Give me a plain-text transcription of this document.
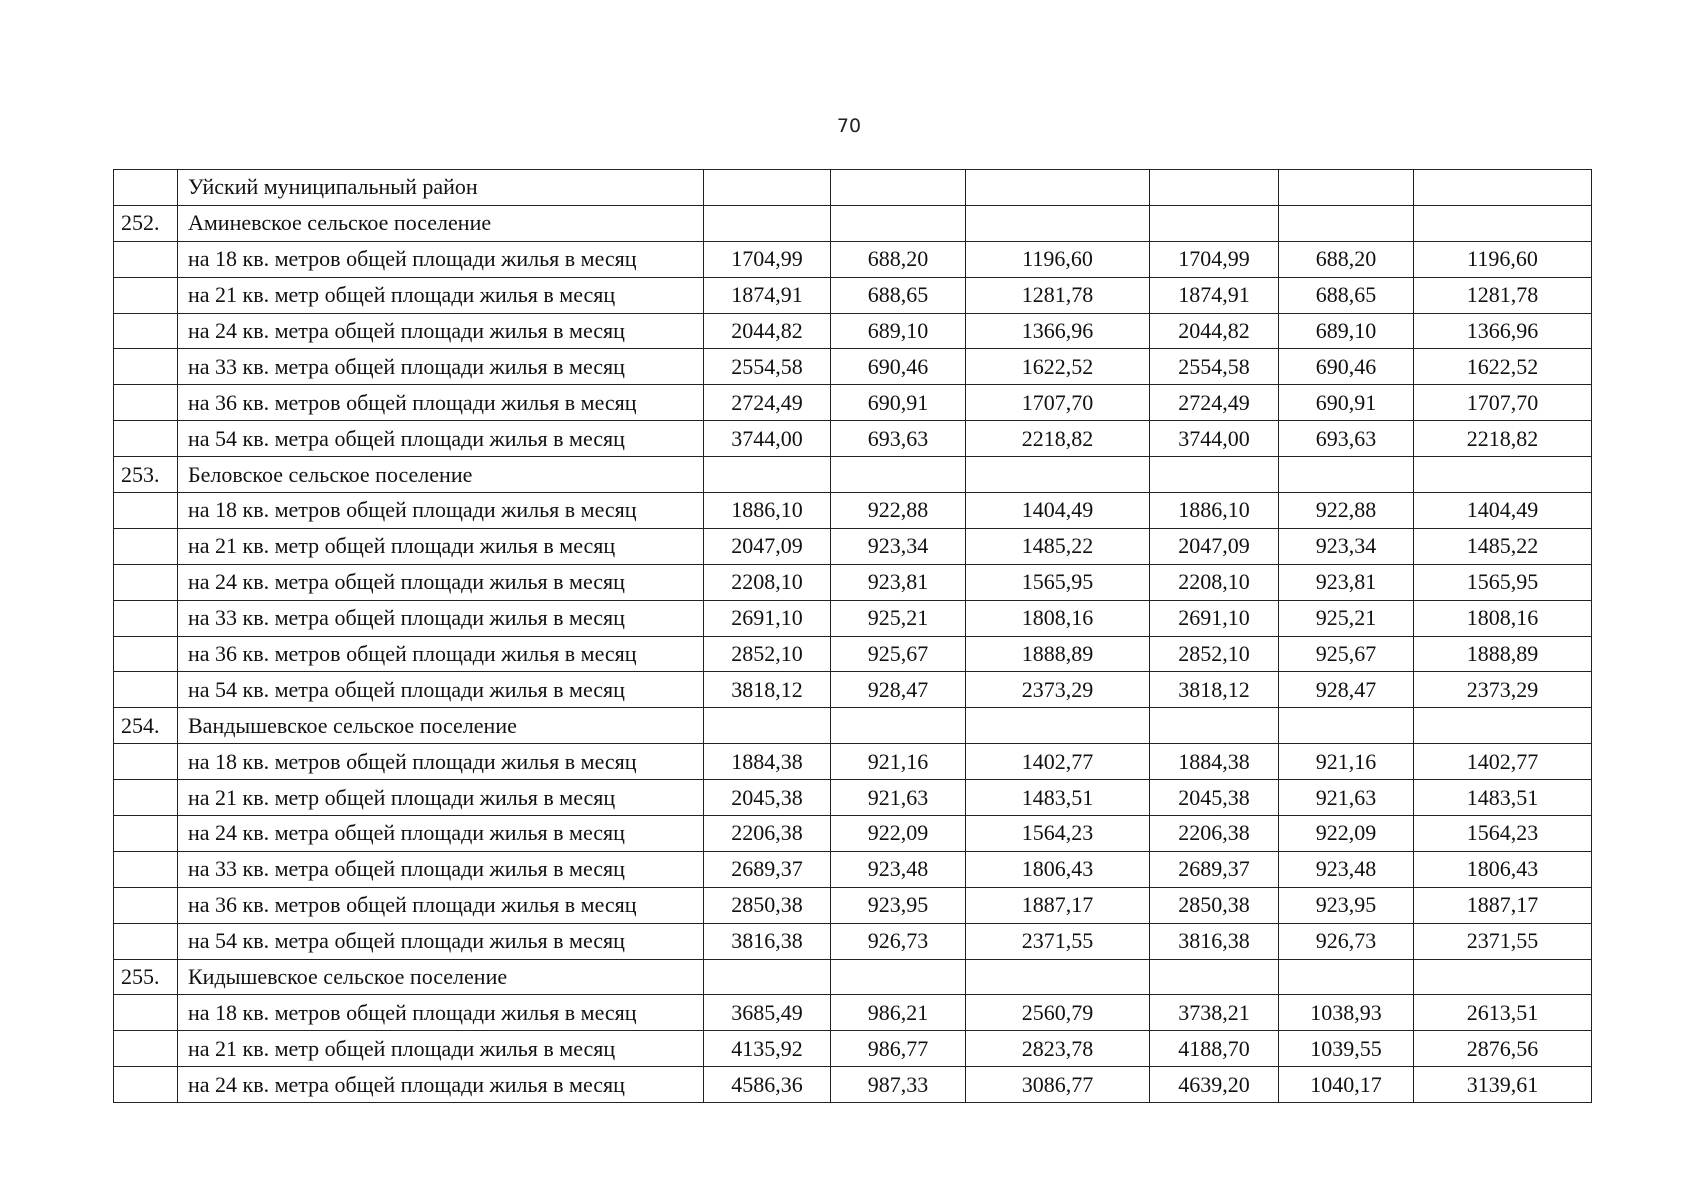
70
	Уйский муниципальный район						
252.	Аминевское сельское поселение						
	на 18 кв. метров общей площади жилья в месяц	1704,99	688,20	1196,60	1704,99	688,20	1196,60
	на 21 кв. метр общей площади жилья в месяц	1874,91	688,65	1281,78	1874,91	688,65	1281,78
	на 24 кв. метра общей площади жилья в месяц	2044,82	689,10	1366,96	2044,82	689,10	1366,96
	на 33 кв. метра общей площади жилья в месяц	2554,58	690,46	1622,52	2554,58	690,46	1622,52
	на 36 кв. метров общей площади жилья в месяц	2724,49	690,91	1707,70	2724,49	690,91	1707,70
	на 54 кв. метра общей площади жилья в месяц	3744,00	693,63	2218,82	3744,00	693,63	2218,82
253.	Беловское сельское поселение						
	на 18 кв. метров общей площади жилья в месяц	1886,10	922,88	1404,49	1886,10	922,88	1404,49
	на 21 кв. метр общей площади жилья в месяц	2047,09	923,34	1485,22	2047,09	923,34	1485,22
	на 24 кв. метра общей площади жилья в месяц	2208,10	923,81	1565,95	2208,10	923,81	1565,95
	на 33 кв. метра общей площади жилья в месяц	2691,10	925,21	1808,16	2691,10	925,21	1808,16
	на 36 кв. метров общей площади жилья в месяц	2852,10	925,67	1888,89	2852,10	925,67	1888,89
	на 54 кв. метра общей площади жилья в месяц	3818,12	928,47	2373,29	3818,12	928,47	2373,29
254.	Вандышевское сельское поселение						
	на 18 кв. метров общей площади жилья в месяц	1884,38	921,16	1402,77	1884,38	921,16	1402,77
	на 21 кв. метр общей площади жилья в месяц	2045,38	921,63	1483,51	2045,38	921,63	1483,51
	на 24 кв. метра общей площади жилья в месяц	2206,38	922,09	1564,23	2206,38	922,09	1564,23
	на 33 кв. метра общей площади жилья в месяц	2689,37	923,48	1806,43	2689,37	923,48	1806,43
	на 36 кв. метров общей площади жилья в месяц	2850,38	923,95	1887,17	2850,38	923,95	1887,17
	на 54 кв. метра общей площади жилья в месяц	3816,38	926,73	2371,55	3816,38	926,73	2371,55
255.	Кидышевское сельское поселение						
	на 18 кв. метров общей площади жилья в месяц	3685,49	986,21	2560,79	3738,21	1038,93	2613,51
	на 21 кв. метр общей площади жилья в месяц	4135,92	986,77	2823,78	4188,70	1039,55	2876,56
	на 24 кв. метра общей площади жилья в месяц	4586,36	987,33	3086,77	4639,20	1040,17	3139,61
